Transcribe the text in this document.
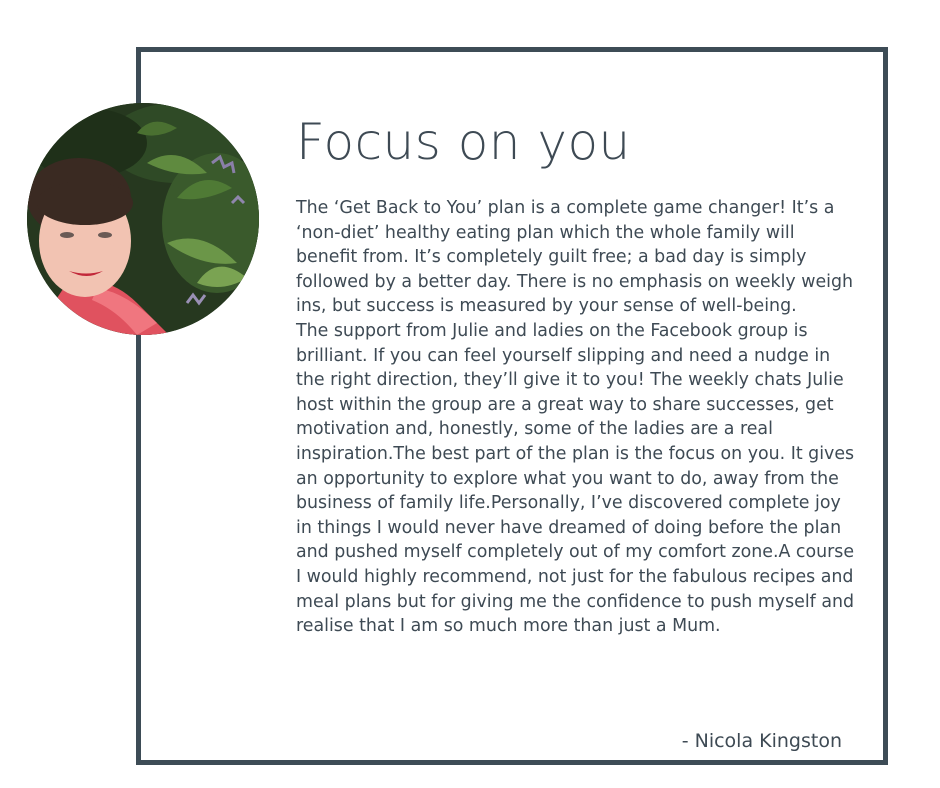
Focus on you

The ‘Get Back to You’ plan is a complete game changer! It’s a ‘non-diet’ healthy eating plan which the whole family will benefit from. It’s completely guilt free; a bad day is simply followed by a better day. There is no emphasis on weekly weigh ins, but success is measured by your sense of well-being.

The support from Julie and ladies on the Facebook group is brilliant. If you can feel yourself slipping and need a nudge in the right direction, they’ll give it to you! The weekly chats Julie host within the group are a great way to share successes, get motivation and, honestly, some of the ladies are a real inspiration.The best part of the plan is the focus on you. It gives an opportunity to explore what you want to do, away from the business of family life.Personally, I’ve discovered complete joy in things I would never have dreamed of doing before the plan and pushed myself completely out of my comfort zone.A course I would highly recommend, not just for the fabulous recipes and meal plans but for giving me the confidence to push myself and realise that I am so much more than just a Mum.

- Nicola Kingston
